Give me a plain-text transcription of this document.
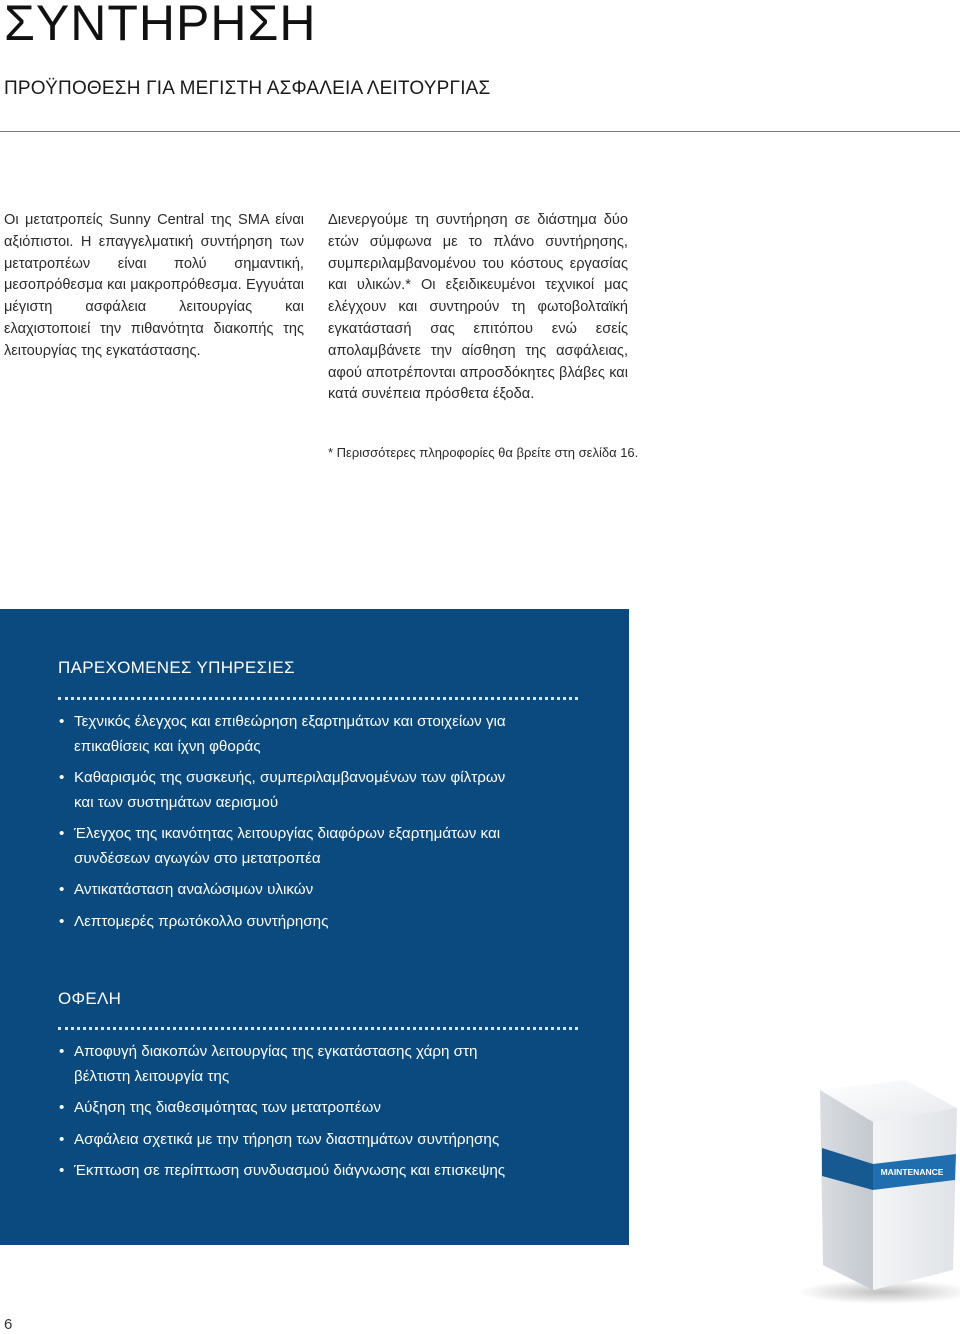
ΣΥΝΤΗΡΗΣΗ
ΠΡΟΫΠΟΘΕΣΗ ΓΙΑ ΜΕΓΙΣΤΗ ΑΣΦΑΛΕΙΑ ΛΕΙΤΟΥΡΓΙΑΣ

Οι μετατροπείς Sunny Central της SMA είναι αξιόπιστοι. Η επαγγελματική συντήρηση των μετατροπέων είναι πολύ σημαντική, μεσοπρόθεσμα και μακροπρόθεσμα. Εγγυάται μέγιστη ασφάλεια λειτουργίας και ελαχιστοποιεί την πιθανότητα διακοπής της λειτουργίας της εγκατάστασης.

Διενεργούμε τη συντήρηση σε διάστημα δύο ετών σύμφωνα με το πλάνο συντήρησης, συμπεριλαμβανομένου του κόστους εργασίας και υλικών.* Οι εξειδικευμένοι τεχνικοί μας ελέγχουν και συντηρούν τη φωτοβολταϊκή εγκατάστασή σας επιτόπου ενώ εσείς απολαμβάνετε την αίσθηση της ασφάλειας, αφού αποτρέπονται απροσδόκητες βλάβες και κατά συνέπεια πρόσθετα έξοδα.

* Περισσότερες πληροφορίες θα βρείτε στη σελίδα 16.

ΠΑΡΕΧΟΜΕΝΕΣ ΥΠΗΡΕΣΙΕΣ
• Τεχνικός έλεγχος και επιθεώρηση εξαρτημάτων και στοιχείων για επικαθίσεις και ίχνη φθοράς
• Καθαρισμός της συσκευής, συμπεριλαμβανομένων των φίλτρων και των συστημάτων αερισμού
• Έλεγχος της ικανότητας λειτουργίας διαφόρων εξαρτημάτων και συνδέσεων αγωγών στο μετατροπέα
• Αντικατάσταση αναλώσιμων υλικών
• Λεπτομερές πρωτόκολλο συντήρησης
ΟΦΕΛΗ
• Αποφυγή διακοπών λειτουργίας της εγκατάστασης χάρη στη βέλτιστη λειτουργία της
• Αύξηση της διαθεσιμότητας των μετατροπέων
• Ασφάλεια σχετικά με την τήρηση των διαστημάτων συντήρησης
• Έκπτωση σε περίπτωση συνδυασμού διάγνωσης και επισκεψης	MAINTENANCE

6
